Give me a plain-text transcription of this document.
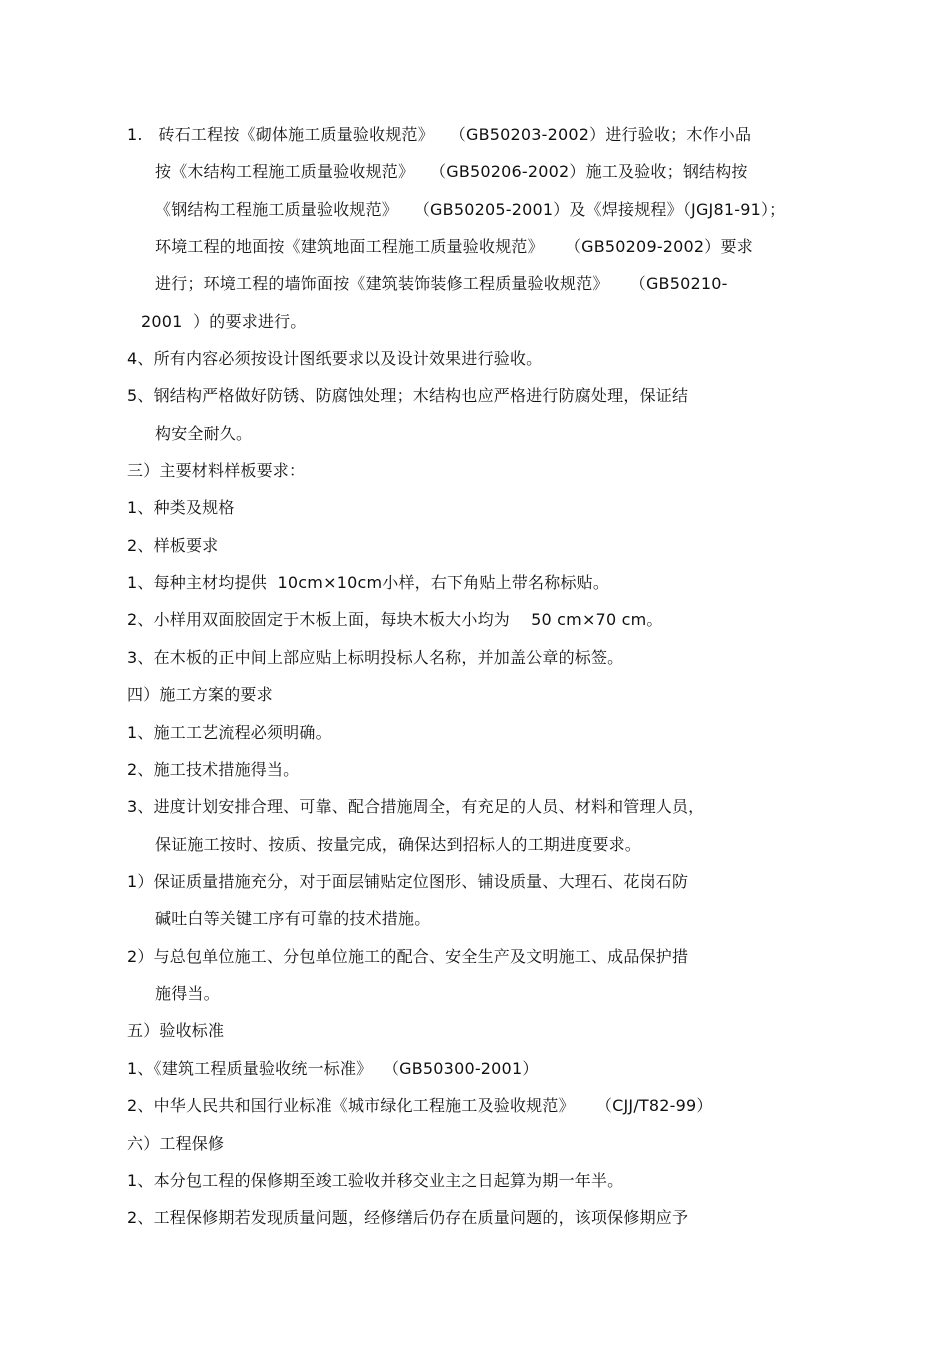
1.   砖石工程按《砌体施工质量验收规范》   （GB50203-2002）进行验收；木作小品
按《木结构工程施工质量验收规范》   （GB50206-2002）施工及验收；钢结构按
《钢结构工程施工质量验收规范》   （GB50205-2001）及《焊接规程》（JGJ81-91）；
环境工程的地面按《建筑地面工程施工质量验收规范》    （GB50209-2002）要求
进行；环境工程的墙饰面按《建筑装饰装修工程质量验收规范》    （GB50210-
2001  ）的要求进行。
4、所有内容必须按设计图纸要求以及设计效果进行验收。
5、钢结构严格做好防锈、防腐蚀处理；木结构也应严格进行防腐处理，保证结
构安全耐久。
三）主要材料样板要求：
1、种类及规格
2、样板要求
1、每种主材均提供  10cm×10cm小样，右下角贴上带名称标贴。
2、小样用双面胶固定于木板上面，每块木板大小均为    50 cm×70 cm。
3、在木板的正中间上部应贴上标明投标人名称，并加盖公章的标签。
四）施工方案的要求
1、施工工艺流程必须明确。
2、施工技术措施得当。
3、进度计划安排合理、可靠、配合措施周全，有充足的人员、材料和管理人员，
保证施工按时、按质、按量完成，确保达到招标人的工期进度要求。
1）保证质量措施充分，对于面层铺贴定位图形、铺设质量、大理石、花岗石防
碱吐白等关键工序有可靠的技术措施。
2）与总包单位施工、分包单位施工的配合、安全生产及文明施工、成品保护措
施得当。
五）验收标准
1、《建筑工程质量验收统一标准》  （GB50300-2001）
2、中华人民共和国行业标准《城市绿化工程施工及验收规范》    （CJJ/T82-99）
六）工程保修
1、本分包工程的保修期至竣工验收并移交业主之日起算为期一年半。
2、工程保修期若发现质量问题，经修缮后仍存在质量问题的，该项保修期应予
